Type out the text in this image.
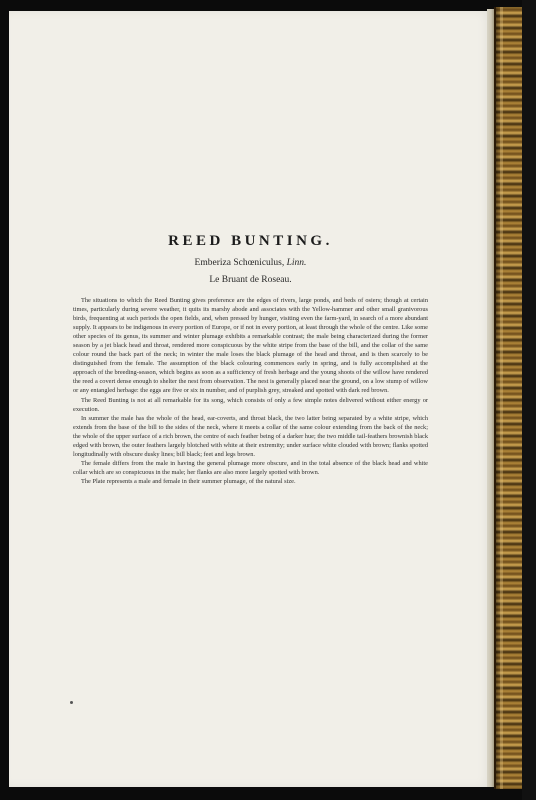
REED BUNTING.
Emberiza Schœniculus, Linn.
Le Bruant de Roseau.

The situations to which the Reed Bunting gives preference are the edges of rivers, large ponds, and beds of osiers; though at certain times, particularly during severe weather, it quits its marshy abode and associates with the Yellow-hammer and other small granivorous birds, frequenting at such periods the open fields, and, when pressed by hunger, visiting even the farm-yard, in search of a more abundant supply. It appears to be indigenous in every portion of Europe, or if not in every portion, at least through the whole of the centre. Like some other species of its genus, its summer and winter plumage exhibits a remarkable contrast; the male being characterized during the former season by a jet black head and throat, rendered more conspicuous by the white stripe from the base of the bill, and the collar of the same colour round the back part of the neck; in winter the male loses the black plumage of the head and throat, and is then scarcely to be distinguished from the female. The assumption of the black colouring commences early in spring, and is fully accomplished at the approach of the breeding-season, which begins as soon as a sufficiency of fresh herbage and the young shoots of the willow have rendered the reed a covert dense enough to shelter the nest from observation. The nest is generally placed near the ground, on a low stump of willow or any entangled herbage: the eggs are five or six in number, and of purplish grey, streaked and spotted with dark red brown.

The Reed Bunting is not at all remarkable for its song, which consists of only a few simple notes delivered without either energy or execution.

In summer the male has the whole of the head, ear-coverts, and throat black, the two latter being separated by a white stripe, which extends from the base of the bill to the sides of the neck, where it meets a collar of the same colour extending from the back of the neck; the whole of the upper surface of a rich brown, the centre of each feather being of a darker hue; the two middle tail-feathers brownish black edged with brown, the outer feathers largely blotched with white at their extremity; under surface white clouded with brown; flanks spotted longitudinally with obscure dusky lines; bill black; feet and legs brown.

The female differs from the male in having the general plumage more obscure, and in the total absence of the black head and white collar which are so conspicuous in the male; her flanks are also more largely spotted with brown.

The Plate represents a male and female in their summer plumage, of the natural size.
